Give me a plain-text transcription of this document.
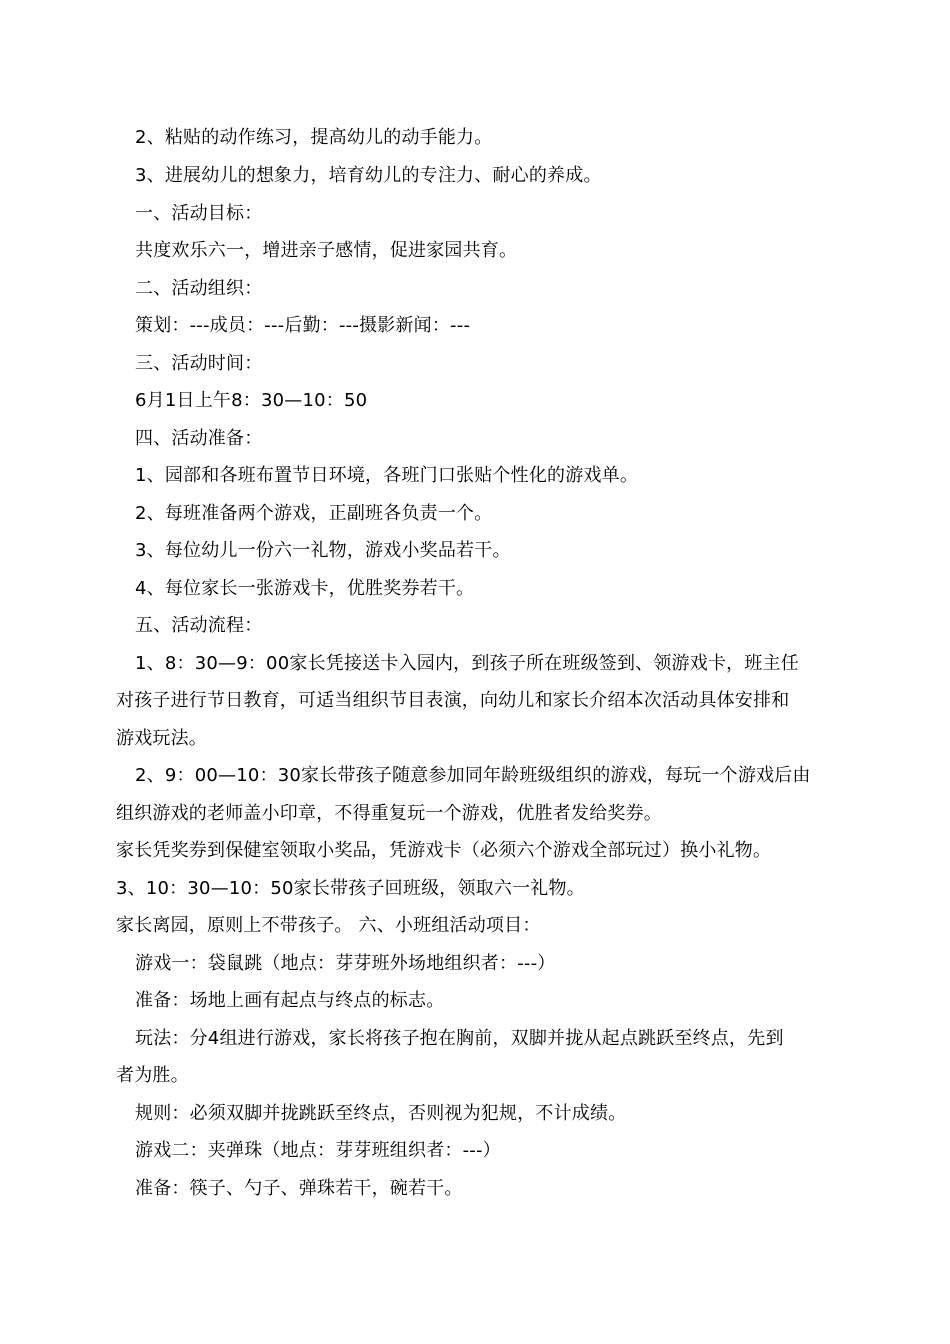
2、粘贴的动作练习，提高幼儿的动手能力。
3、进展幼儿的想象力，培育幼儿的专注力、耐心的养成。
一、活动目标：
共度欢乐六一，增进亲子感情，促进家园共育。
二、活动组织：
策划：---成员：---后勤：---摄影新闻：---
三、活动时间：
6月1日上午8：30—10：50
四、活动准备：
1、园部和各班布置节日环境，各班门口张贴个性化的游戏单。
2、每班准备两个游戏，正副班各负责一个。
3、每位幼儿一份六一礼物，游戏小奖品若干。
4、每位家长一张游戏卡，优胜奖券若干。
五、活动流程：
1、8：30—9：00家长凭接送卡入园内，到孩子所在班级签到、领游戏卡，班主任
对孩子进行节日教育，可适当组织节目表演，向幼儿和家长介绍本次活动具体安排和
游戏玩法。
2、9：00—10：30家长带孩子随意参加同年龄班级组织的游戏，每玩一个游戏后由
组织游戏的老师盖小印章，不得重复玩一个游戏，优胜者发给奖券。
家长凭奖券到保健室领取小奖品，凭游戏卡（必须六个游戏全部玩过）换小礼物。
3、10：30—10：50家长带孩子回班级，领取六一礼物。
家长离园，原则上不带孩子。 六、小班组活动项目：
游戏一：袋鼠跳（地点：芽芽班外场地组织者：---）
准备：场地上画有起点与终点的标志。
玩法：分4组进行游戏，家长将孩子抱在胸前，双脚并拢从起点跳跃至终点，先到
者为胜。
规则：必须双脚并拢跳跃至终点，否则视为犯规，不计成绩。
游戏二：夹弹珠（地点：芽芽班组织者：---）
准备：筷子、勺子、弹珠若干，碗若干。
